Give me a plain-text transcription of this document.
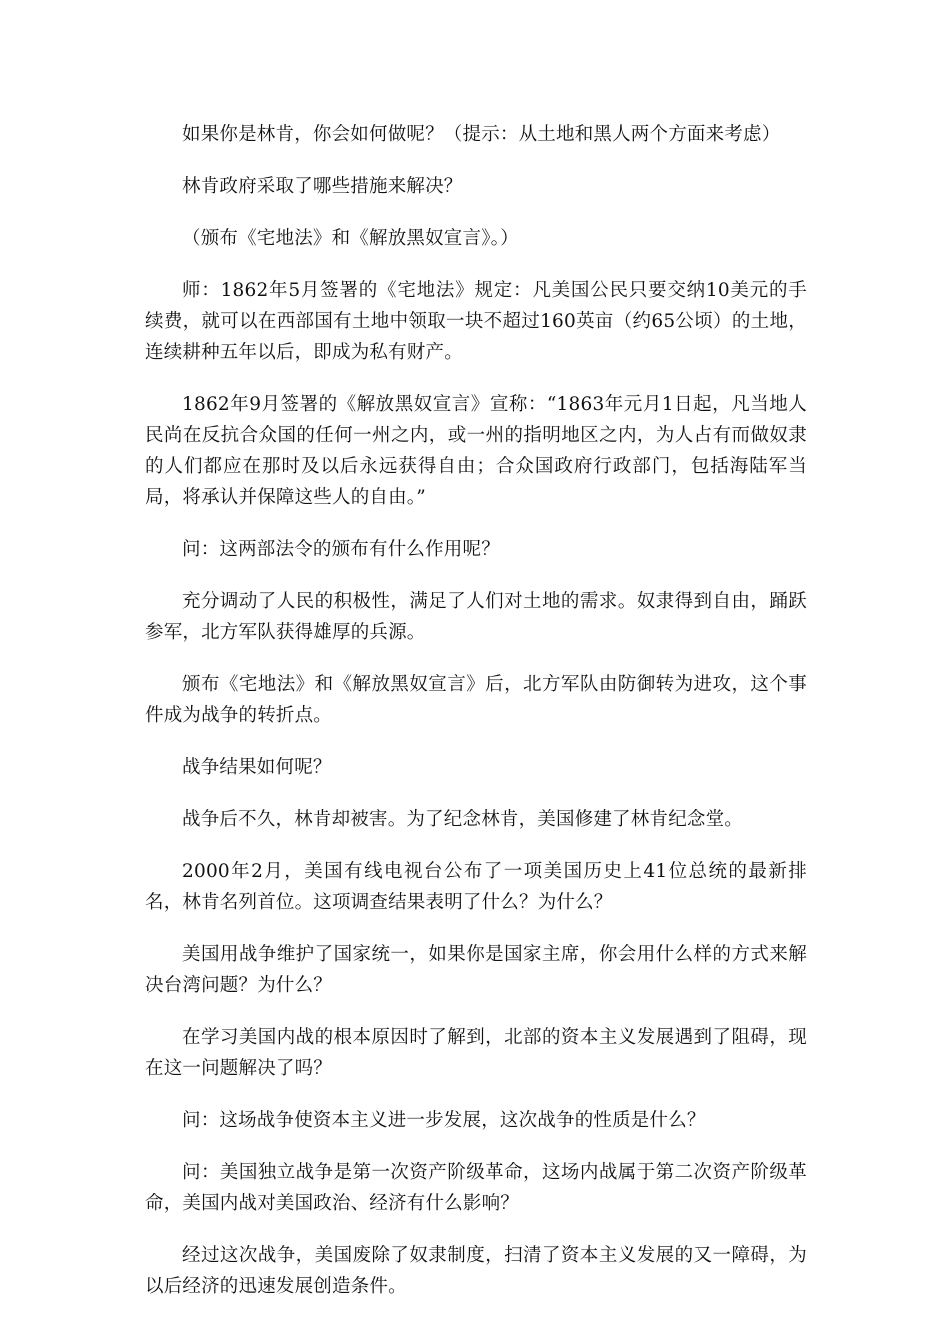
如果你是林肯，你会如何做呢？（提示：从土地和黑人两个方面来考虑）

林肯政府采取了哪些措施来解决？

（颁布《宅地法》和《解放黑奴宣言》。）

师：1862年5月签署的《宅地法》规定：凡美国公民只要交纳10美元的手续费，就可以在西部国有土地中领取一块不超过160英亩（约65公顷）的土地，连续耕种五年以后，即成为私有财产。

1862年9月签署的《解放黑奴宣言》宣称：“1863年元月1日起，凡当地人民尚在反抗合众国的任何一州之内，或一州的指明地区之内，为人占有而做奴隶的人们都应在那时及以后永远获得自由；合众国政府行政部门，包括海陆军当局，将承认并保障这些人的自由。”

问：这两部法令的颁布有什么作用呢？

充分调动了人民的积极性，满足了人们对土地的需求。奴隶得到自由，踊跃参军，北方军队获得雄厚的兵源。

颁布《宅地法》和《解放黑奴宣言》后，北方军队由防御转为进攻，这个事件成为战争的转折点。

战争结果如何呢？

战争后不久，林肯却被害。为了纪念林肯，美国修建了林肯纪念堂。

2000年2月，美国有线电视台公布了一项美国历史上41位总统的最新排名，林肯名列首位。这项调查结果表明了什么？为什么？

美国用战争维护了国家统一，如果你是国家主席，你会用什么样的方式来解决台湾问题？为什么？

在学习美国内战的根本原因时了解到，北部的资本主义发展遇到了阻碍，现在这一问题解决了吗？

问：这场战争使资本主义进一步发展，这次战争的性质是什么？

问：美国独立战争是第一次资产阶级革命，这场内战属于第二次资产阶级革命，美国内战对美国政治、经济有什么影响？

经过这次战争，美国废除了奴隶制度，扫清了资本主义发展的又一障碍，为以后经济的迅速发展创造条件。
